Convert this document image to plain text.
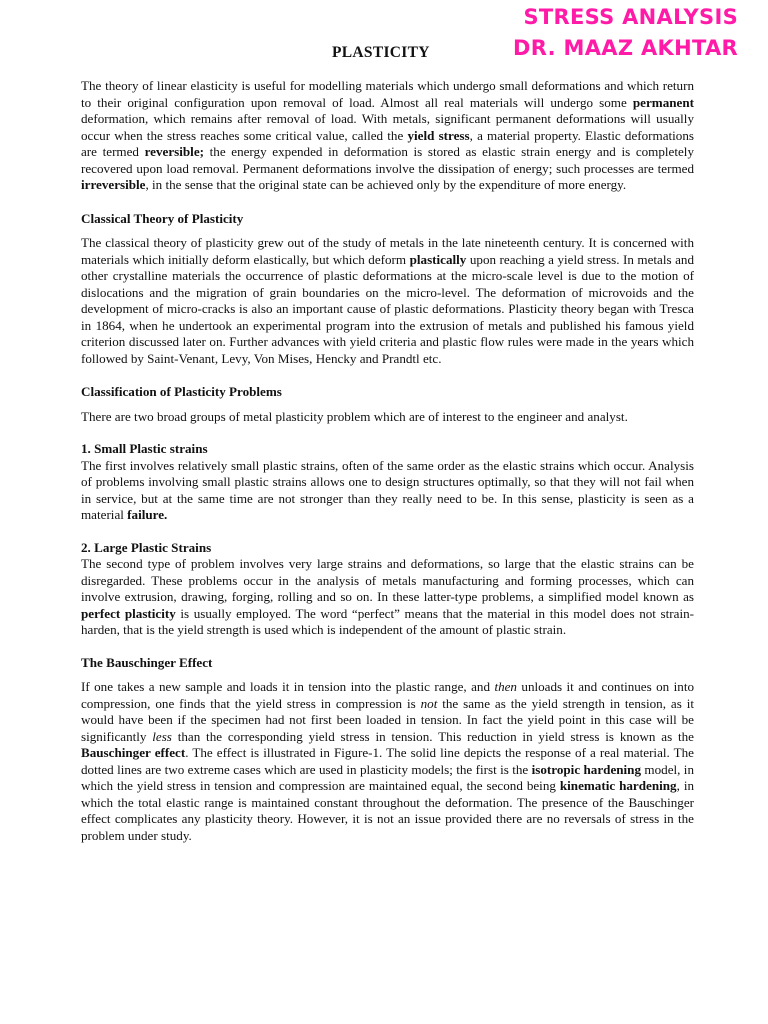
STRESS ANALYSIS
DR. MAAZ AKHTAR
PLASTICITY

The theory of linear elasticity is useful for modelling materials which undergo small deformations and which return to their original configuration upon removal of load. Almost all real materials will undergo some permanent deformation, which remains after removal of load. With metals, significant permanent deformations will usually occur when the stress reaches some critical value, called the yield stress, a material property. Elastic deformations are termed reversible; the energy expended in deformation is stored as elastic strain energy and is completely recovered upon load removal. Permanent deformations involve the dissipation of energy; such processes are termed irreversible, in the sense that the original state can be achieved only by the expenditure of more energy.

Classical Theory of Plasticity

The classical theory of plasticity grew out of the study of metals in the late nineteenth century. It is concerned with materials which initially deform elastically, but which deform plastically upon reaching a yield stress. In metals and other crystalline materials the occurrence of plastic deformations at the micro-scale level is due to the motion of dislocations and the migration of grain boundaries on the micro-level. The deformation of microvoids and the development of micro-cracks is also an important cause of plastic deformations. Plasticity theory began with Tresca in 1864, when he undertook an experimental program into the extrusion of metals and published his famous yield criterion discussed later on. Further advances with yield criteria and plastic flow rules were made in the years which followed by Saint-Venant, Levy, Von Mises, Hencky and Prandtl etc.

Classification of Plasticity Problems

There are two broad groups of metal plasticity problem which are of interest to the engineer and analyst.

1. Small Plastic strains

The first involves relatively small plastic strains, often of the same order as the elastic strains which occur. Analysis of problems involving small plastic strains allows one to design structures optimally, so that they will not fail when in service, but at the same time are not stronger than they really need to be. In this sense, plasticity is seen as a material failure.

2. Large Plastic Strains

The second type of problem involves very large strains and deformations, so large that the elastic strains can be disregarded. These problems occur in the analysis of metals manufacturing and forming processes, which can involve extrusion, drawing, forging, rolling and so on. In these latter-type problems, a simplified model known as perfect plasticity is usually employed. The word “perfect” means that the material in this model does not strain-harden, that is the yield strength is used which is independent of the amount of plastic strain.

The Bauschinger Effect

If one takes a new sample and loads it in tension into the plastic range, and then unloads it and continues on into compression, one finds that the yield stress in compression is not the same as the yield strength in tension, as it would have been if the specimen had not first been loaded in tension. In fact the yield point in this case will be significantly less than the corresponding yield stress in tension. This reduction in yield stress is known as the Bauschinger effect. The effect is illustrated in Figure-1. The solid line depicts the response of a real material. The dotted lines are two extreme cases which are used in plasticity models; the first is the isotropic hardening model, in which the yield stress in tension and compression are maintained equal, the second being kinematic hardening, in which the total elastic range is maintained constant throughout the deformation. The presence of the Bauschinger effect complicates any plasticity theory. However, it is not an issue provided there are no reversals of stress in the problem under study.
